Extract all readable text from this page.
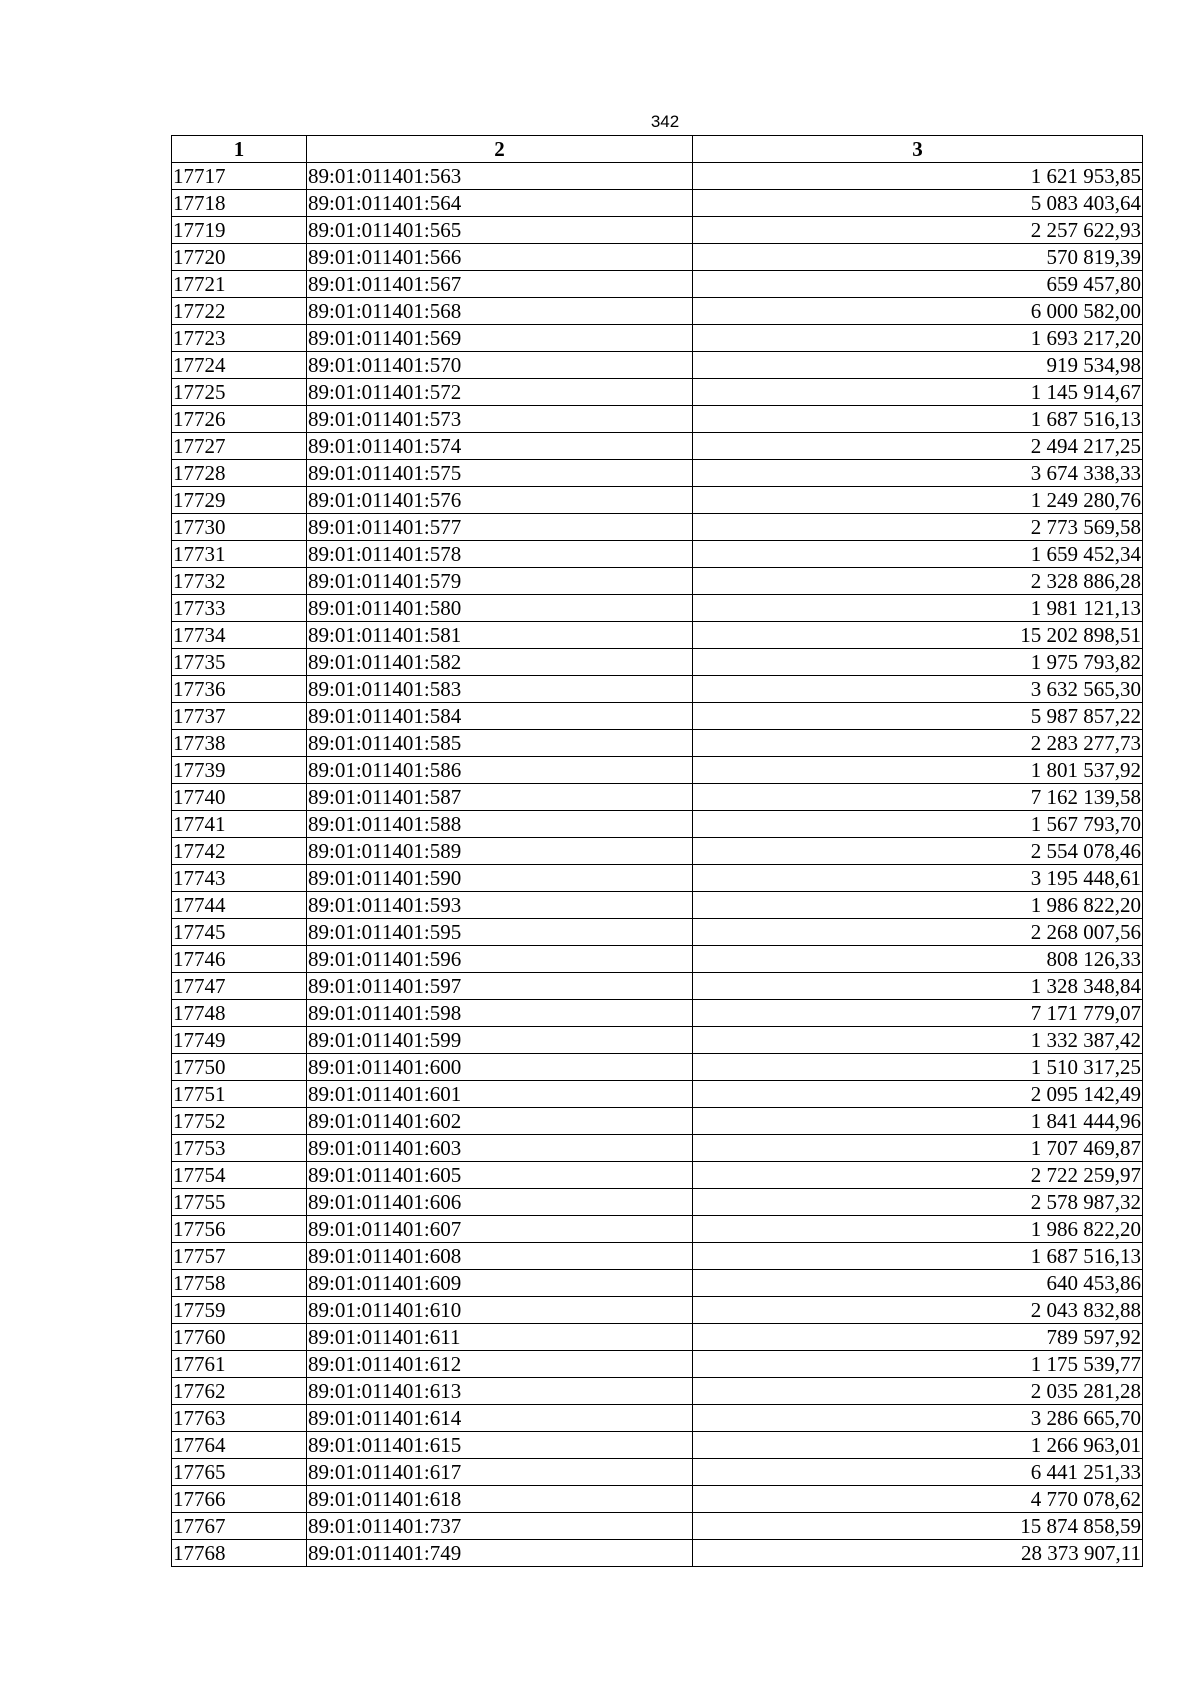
342
1	2	3
17717	89:01:011401:563	1 621 953,85
17718	89:01:011401:564	5 083 403,64
17719	89:01:011401:565	2 257 622,93
17720	89:01:011401:566	570 819,39
17721	89:01:011401:567	659 457,80
17722	89:01:011401:568	6 000 582,00
17723	89:01:011401:569	1 693 217,20
17724	89:01:011401:570	919 534,98
17725	89:01:011401:572	1 145 914,67
17726	89:01:011401:573	1 687 516,13
17727	89:01:011401:574	2 494 217,25
17728	89:01:011401:575	3 674 338,33
17729	89:01:011401:576	1 249 280,76
17730	89:01:011401:577	2 773 569,58
17731	89:01:011401:578	1 659 452,34
17732	89:01:011401:579	2 328 886,28
17733	89:01:011401:580	1 981 121,13
17734	89:01:011401:581	15 202 898,51
17735	89:01:011401:582	1 975 793,82
17736	89:01:011401:583	3 632 565,30
17737	89:01:011401:584	5 987 857,22
17738	89:01:011401:585	2 283 277,73
17739	89:01:011401:586	1 801 537,92
17740	89:01:011401:587	7 162 139,58
17741	89:01:011401:588	1 567 793,70
17742	89:01:011401:589	2 554 078,46
17743	89:01:011401:590	3 195 448,61
17744	89:01:011401:593	1 986 822,20
17745	89:01:011401:595	2 268 007,56
17746	89:01:011401:596	808 126,33
17747	89:01:011401:597	1 328 348,84
17748	89:01:011401:598	7 171 779,07
17749	89:01:011401:599	1 332 387,42
17750	89:01:011401:600	1 510 317,25
17751	89:01:011401:601	2 095 142,49
17752	89:01:011401:602	1 841 444,96
17753	89:01:011401:603	1 707 469,87
17754	89:01:011401:605	2 722 259,97
17755	89:01:011401:606	2 578 987,32
17756	89:01:011401:607	1 986 822,20
17757	89:01:011401:608	1 687 516,13
17758	89:01:011401:609	640 453,86
17759	89:01:011401:610	2 043 832,88
17760	89:01:011401:611	789 597,92
17761	89:01:011401:612	1 175 539,77
17762	89:01:011401:613	2 035 281,28
17763	89:01:011401:614	3 286 665,70
17764	89:01:011401:615	1 266 963,01
17765	89:01:011401:617	6 441 251,33
17766	89:01:011401:618	4 770 078,62
17767	89:01:011401:737	15 874 858,59
17768	89:01:011401:749	28 373 907,11
